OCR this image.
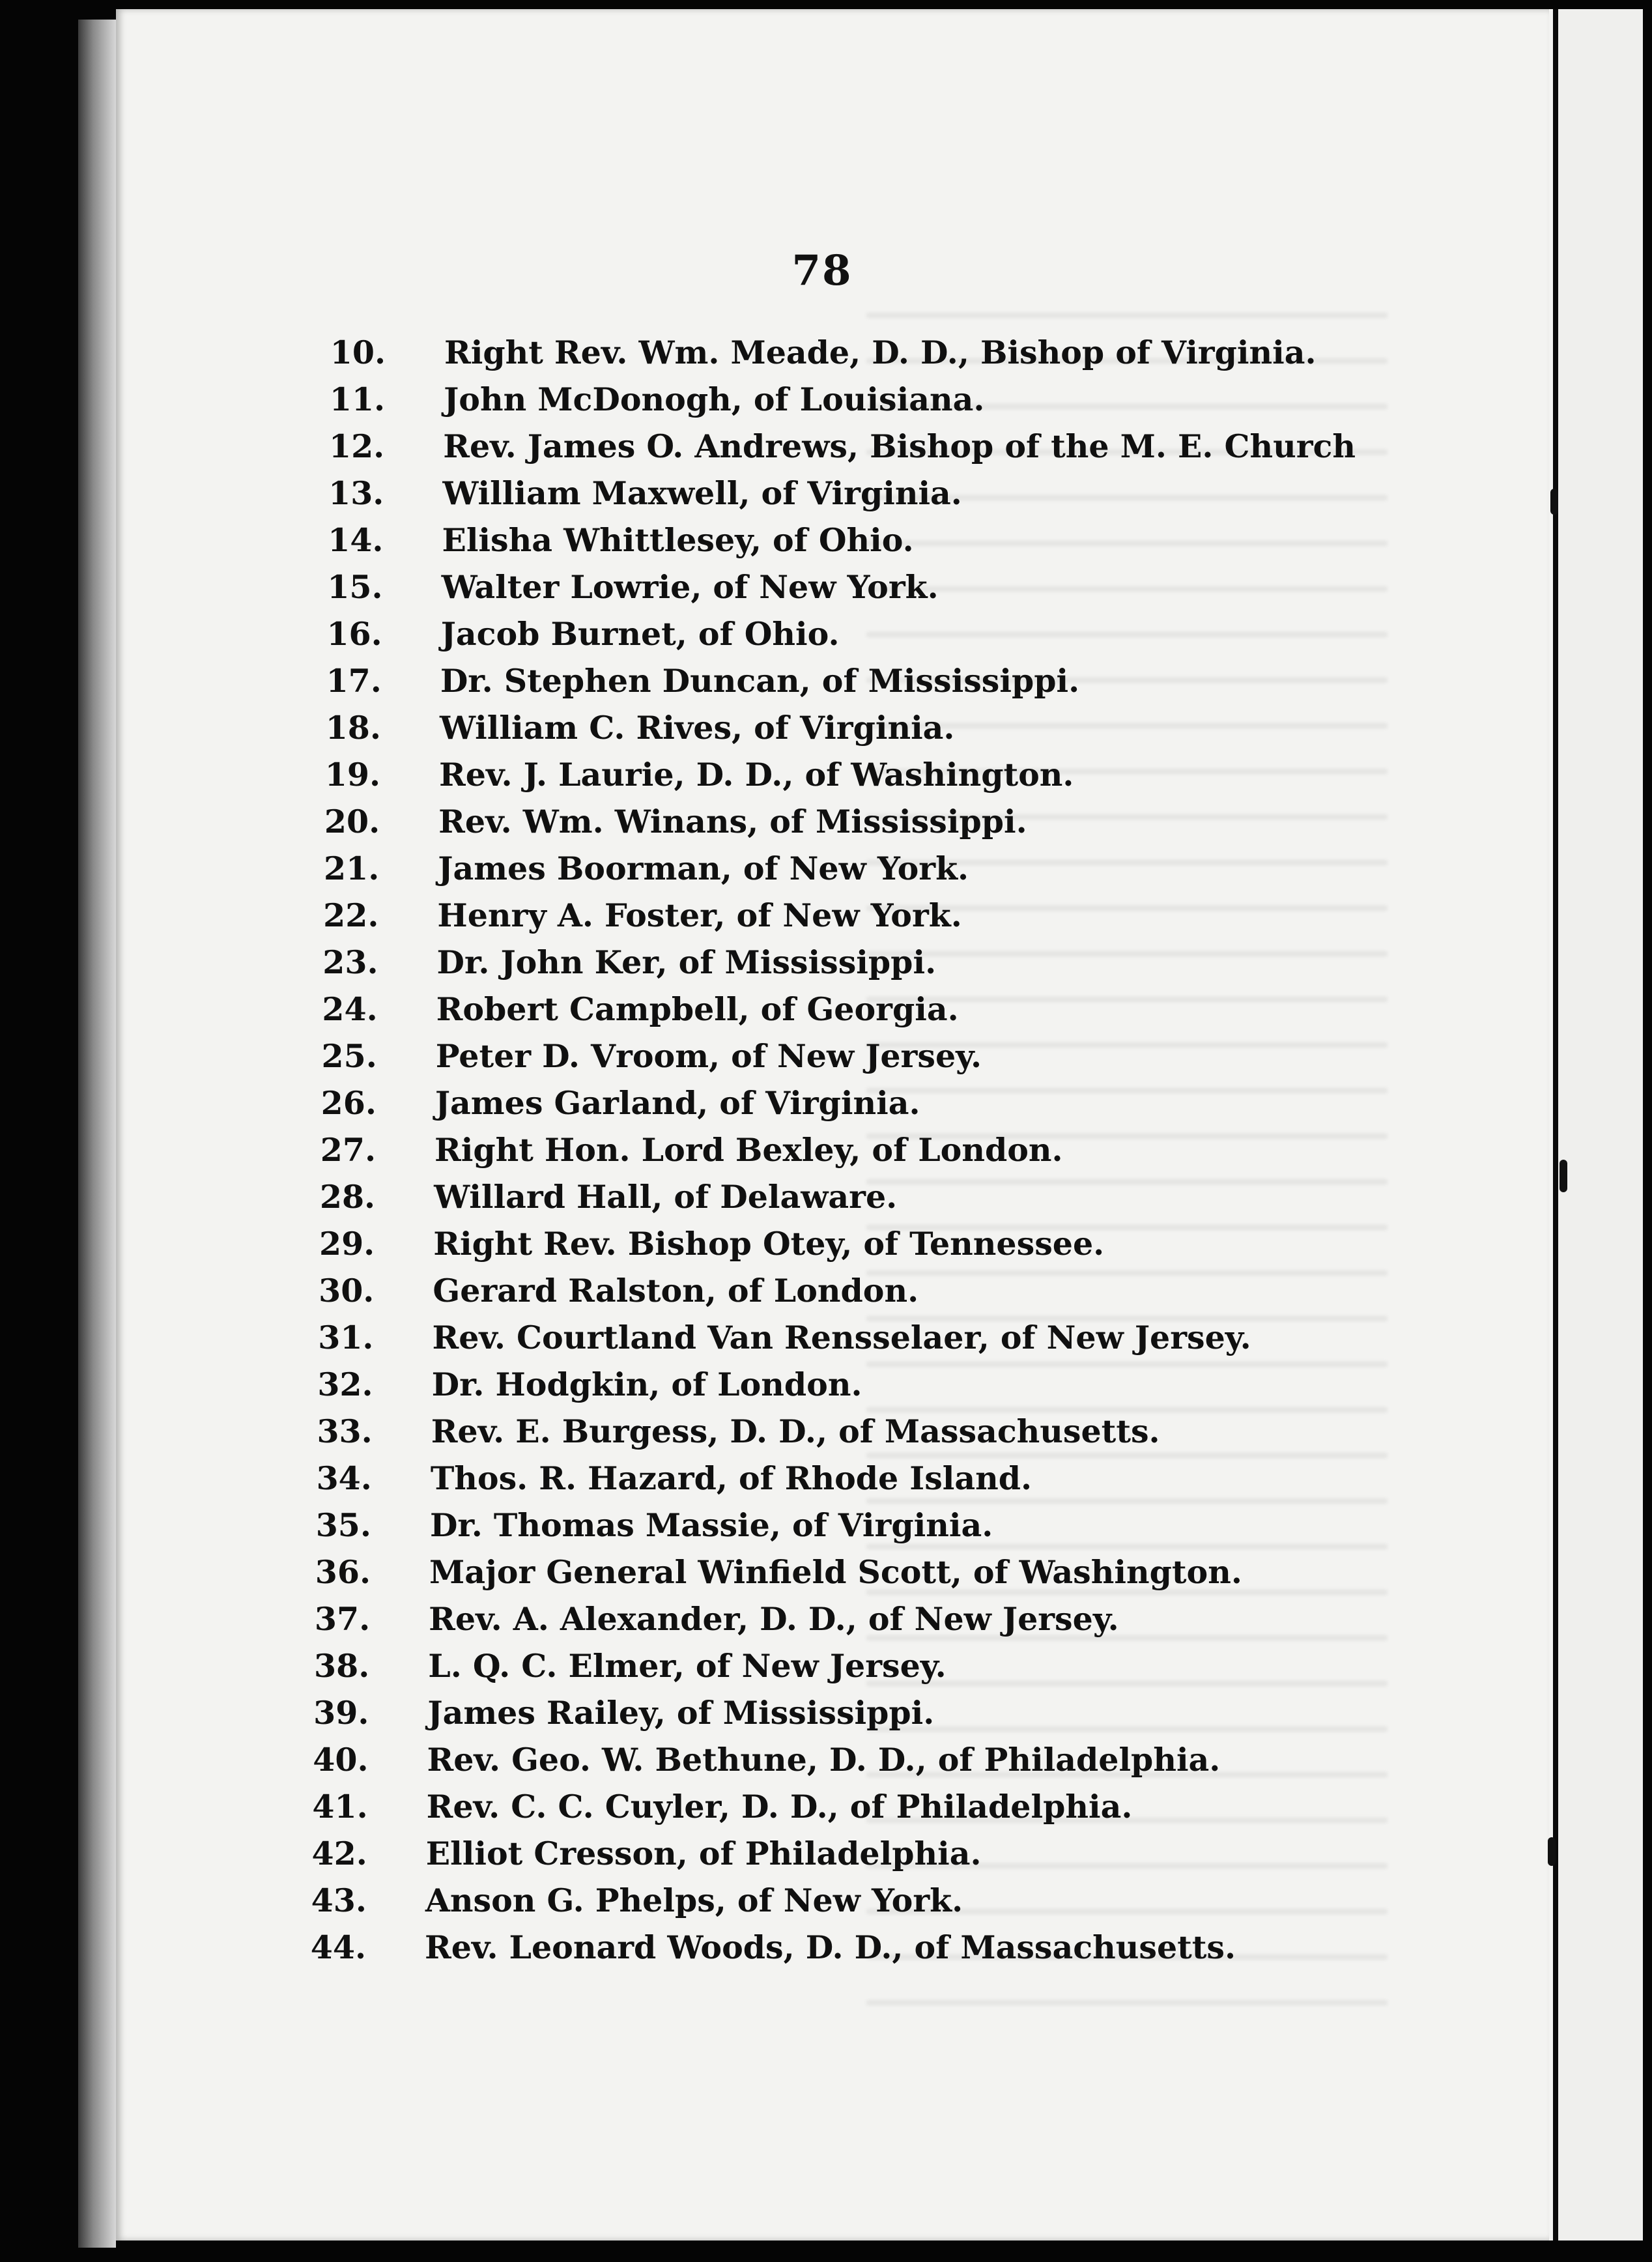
78
10. Right Rev. Wm. Meade, D. D., Bishop of Virginia.
11. John McDonogh, of Louisiana.
12. Rev. James O. Andrews, Bishop of the M. E. Church
13. William Maxwell, of Virginia.
14. Elisha Whittlesey, of Ohio.
15. Walter Lowrie, of New York.
16. Jacob Burnet, of Ohio.
17. Dr. Stephen Duncan, of Mississippi.
18. William C. Rives, of Virginia.
19. Rev. J. Laurie, D. D., of Washington.
20. Rev. Wm. Winans, of Mississippi.
21. James Boorman, of New York.
22. Henry A. Foster, of New York.
23. Dr. John Ker, of Mississippi.
24. Robert Campbell, of Georgia.
25. Peter D. Vroom, of New Jersey.
26. James Garland, of Virginia.
27. Right Hon. Lord Bexley, of London.
28. Willard Hall, of Delaware.
29. Right Rev. Bishop Otey, of Tennessee.
30. Gerard Ralston, of London.
31. Rev. Courtland Van Rensselaer, of New Jersey.
32. Dr. Hodgkin, of London.
33. Rev. E. Burgess, D. D., of Massachusetts.
34. Thos. R. Hazard, of Rhode Island.
35. Dr. Thomas Massie, of Virginia.
36. Major General Winfield Scott, of Washington.
37. Rev. A. Alexander, D. D., of New Jersey.
38. L. Q. C. Elmer, of New Jersey.
39. James Railey, of Mississippi.
40. Rev. Geo. W. Bethune, D. D., of Philadelphia.
41. Rev. C. C. Cuyler, D. D., of Philadelphia.
42. Elliot Cresson, of Philadelphia.
43. Anson G. Phelps, of New York.
44. Rev. Leonard Woods, D. D., of Massachusetts.
